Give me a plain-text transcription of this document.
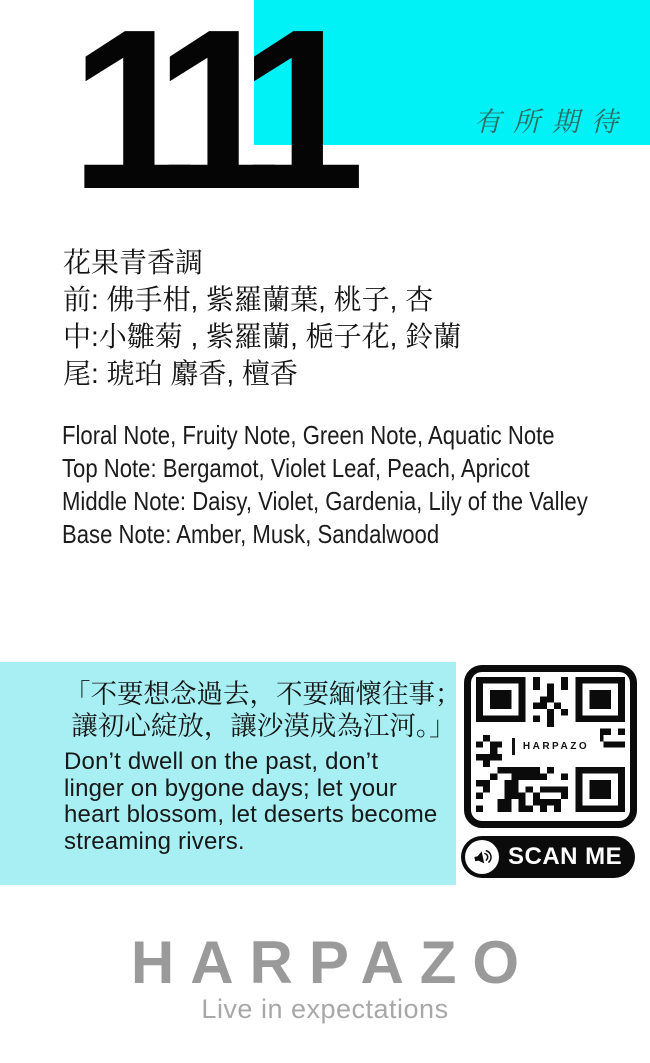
有所期待
111
花果青香調
前: 佛手柑, 紫羅蘭葉, 桃子, 杏
中:小雛菊 , 紫羅蘭, 梔子花, 鈴蘭
尾: 琥珀 麝香, 檀香
Floral Note, Fruity Note, Green Note, Aquatic Note
Top Note: Bergamot, Violet Leaf, Peach, Apricot
Middle Note: Daisy, Violet, Gardenia, Lily of the Valley
Base Note: Amber, Musk, Sandalwood
「不要想念過去，不要緬懷往事；
讓初心綻放，讓沙漠成為江河。」
Don’t dwell on the past, don’t
linger on bygone days; let your
heart blossom, let deserts become
streaming rivers.
HARPAZO
SCAN ME
HARPAZO
Live in expectations
